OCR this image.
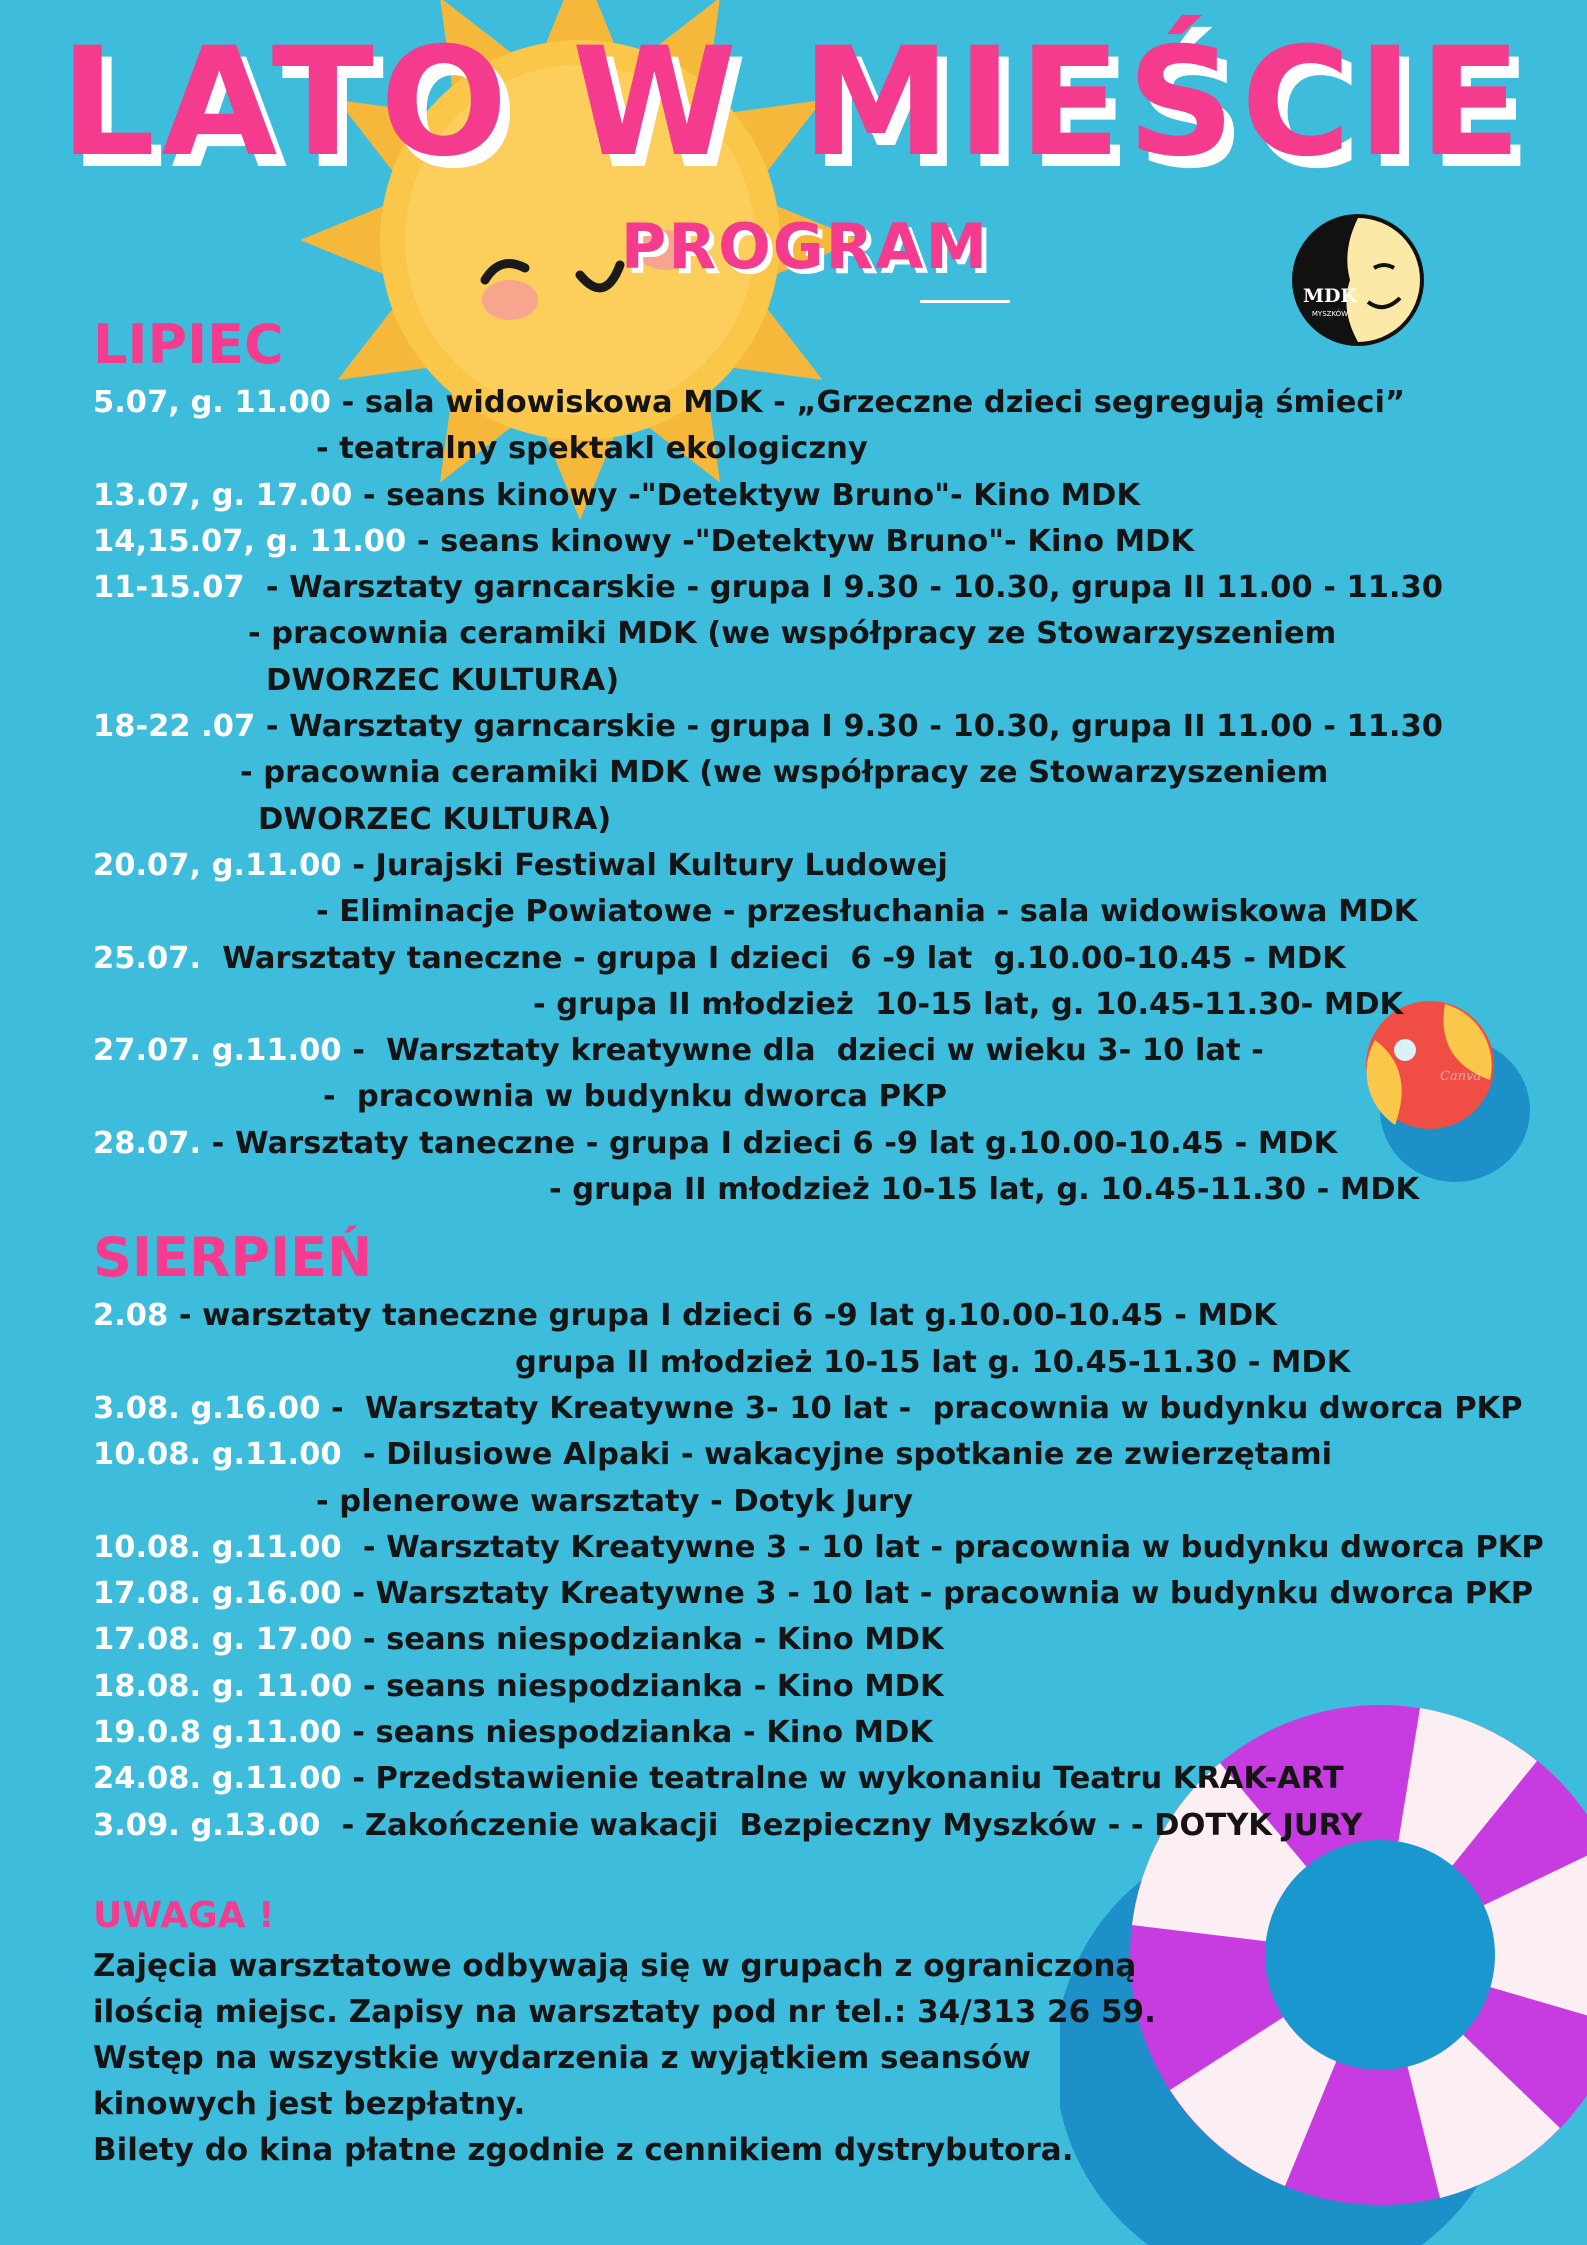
LATO W MIEŚCIE
PROGRAM
MDK
MYSZKÓW
Canva
LIPIEC
5.07, g. 11.00 - sala widowiskowa MDK - „Grzeczne dzieci segregują śmieci”
- teatralny spektakl ekologiczny
13.07, g. 17.00 - seans kinowy -"Detektyw Bruno"- Kino MDK
14,15.07, g. 11.00 - seans kinowy -"Detektyw Bruno"- Kino MDK
11-15.07  - Warsztaty garncarskie - grupa I 9.30 - 10.30, grupa II 11.00 - 11.30
- pracownia ceramiki MDK (we współpracy ze Stowarzyszeniem
DWORZEC KULTURA)
18-22 .07 - Warsztaty garncarskie - grupa I 9.30 - 10.30, grupa II 11.00 - 11.30
- pracownia ceramiki MDK (we współpracy ze Stowarzyszeniem
DWORZEC KULTURA)
20.07, g.11.00 - Jurajski Festiwal Kultury Ludowej
- Eliminacje Powiatowe - przesłuchania - sala widowiskowa MDK
25.07.  Warsztaty taneczne - grupa I dzieci  6 -9 lat  g.10.00-10.45 - MDK
- grupa II młodzież  10-15 lat, g. 10.45-11.30- MDK
27.07. g.11.00 -  Warsztaty kreatywne dla  dzieci w wieku 3- 10 lat -
-  pracownia w budynku dworca PKP
28.07. - Warsztaty taneczne - grupa I dzieci 6 -9 lat g.10.00-10.45 - MDK
- grupa II młodzież 10-15 lat, g. 10.45-11.30 - MDK
SIERPIEŃ
2.08 - warsztaty taneczne grupa I dzieci 6 -9 lat g.10.00-10.45 - MDK
grupa II młodzież 10-15 lat g. 10.45-11.30 - MDK
3.08. g.16.00 -  Warsztaty Kreatywne 3- 10 lat -  pracownia w budynku dworca PKP
10.08. g.11.00  - Dilusiowe Alpaki - wakacyjne spotkanie ze zwierzętami
- plenerowe warsztaty - Dotyk Jury
10.08. g.11.00  - Warsztaty Kreatywne 3 - 10 lat - pracownia w budynku dworca PKP
17.08. g.16.00 - Warsztaty Kreatywne 3 - 10 lat - pracownia w budynku dworca PKP
17.08. g. 17.00 - seans niespodzianka - Kino MDK
18.08. g. 11.00 - seans niespodzianka - Kino MDK
19.0.8 g.11.00 - seans niespodzianka - Kino MDK
24.08. g.11.00 - Przedstawienie teatralne w wykonaniu Teatru KRAK-ART
3.09. g.13.00  - Zakończenie wakacji  Bezpieczny Myszków - - DOTYK JURY
UWAGA !
Zajęcia warsztatowe odbywają się w grupach z ograniczoną
ilością miejsc. Zapisy na warsztaty pod nr tel.: 34/313 26 59.
Wstęp na wszystkie wydarzenia z wyjątkiem seansów
kinowych jest bezpłatny.
Bilety do kina płatne zgodnie z cennikiem dystrybutora.
